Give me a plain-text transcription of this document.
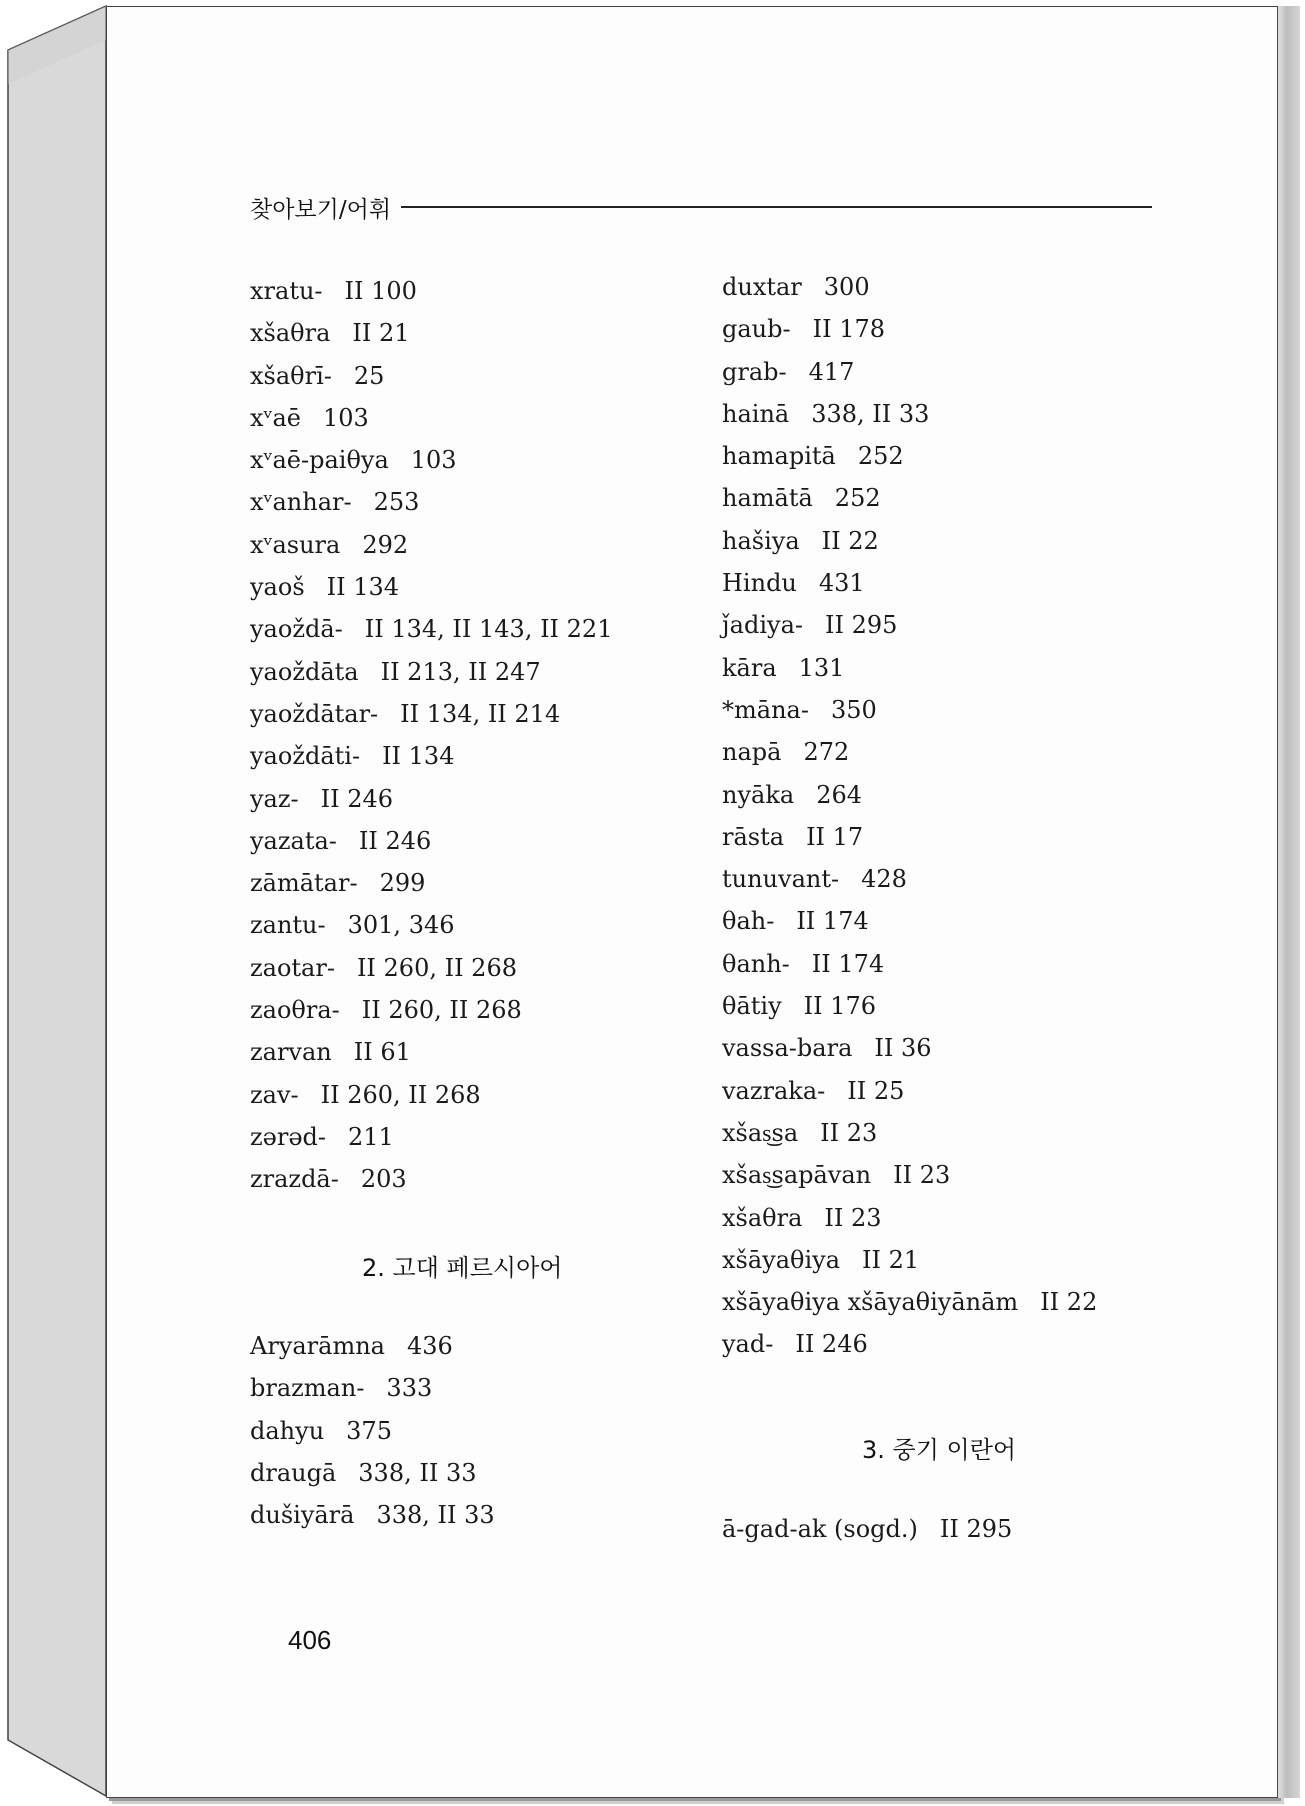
찾아보기/어휘
xratu- II 100
xšaθra II 21
xšaθrī- 25
xᵛaē 103
xᵛaē-paiθya 103
xᵛanhar- 253
xᵛasura 292
yaoš II 134
yaoždā- II 134, II 143, II 221
yaoždāta II 213, II 247
yaoždātar- II 134, II 214
yaoždāti- II 134
yaz- II 246
yazata- II 246
zāmātar- 299
zantu- 301, 346
zaotar- II 260, II 268
zaoθra- II 260, II 268
zarvan II 61
zav- II 260, II 268
zərəd- 211
zrazdā- 203
2. 고대 페르시아어
Aryarāmna 436
brazman- 333
dahyu 375
draugā 338, II 33
dušiyārā 338, II 33
duxtar 300
gaub- II 178
grab- 417
hainā 338, II 33
hamapitā 252
hamātā 252
hašiya II 22
Hindu 431
ǰadiya- II 295
kāra 131
*māna- 350
napā 272
nyāka 264
rāsta II 17
tunuvant- 428
θah- II 174
θanh- II 174
θātiy II 176
vassa-bara II 36
vazraka- II 25
xšas͜sa II 23
xšas͜sapāvan II 23
xšaθra II 23
xšāyaθiya II 21
xšāyaθiya xšāyaθiyānām II 22
yad- II 246
3. 중기 이란어
ā-gad-ak (sogd.) II 295
406
